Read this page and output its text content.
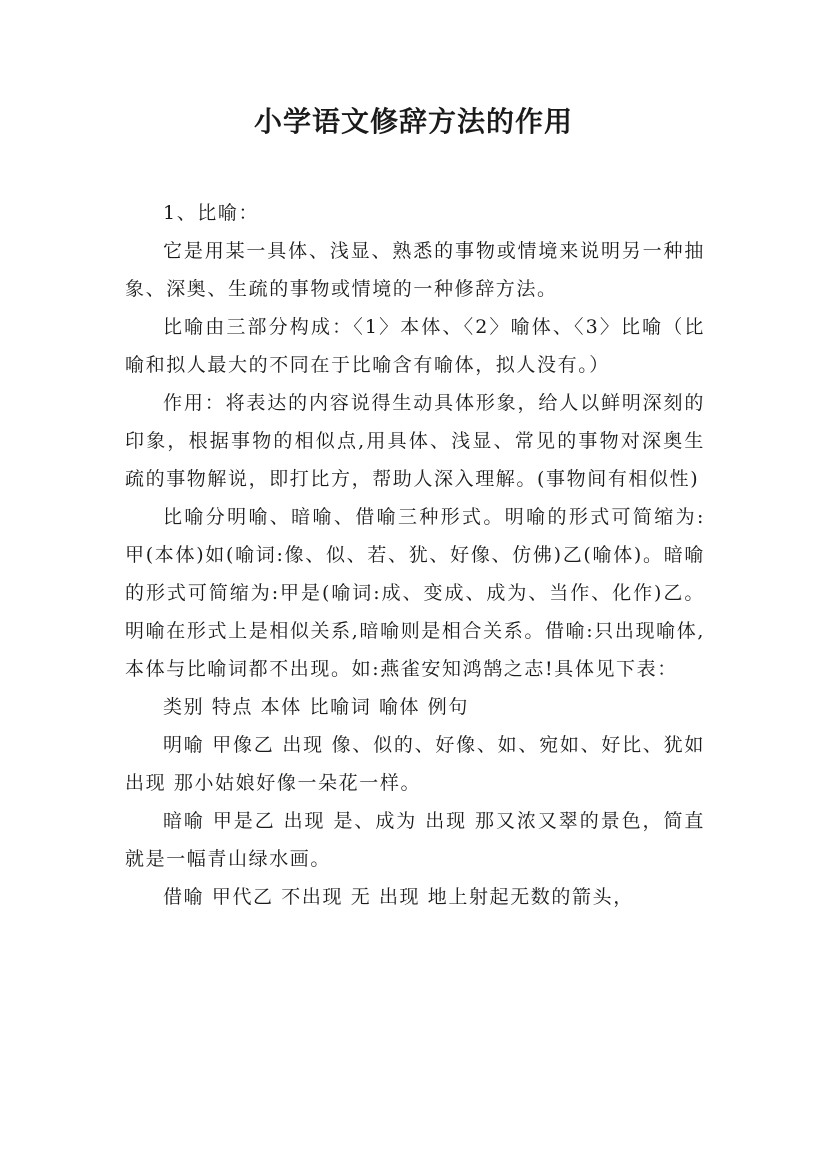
小学语文修辞方法的作用

1、比喻：

它是用某一具体、浅显、熟悉的事物或情境来说明另一种抽象、深奥、生疏的事物或情境的一种修辞方法。

比喻由三部分构成：〈1〉本体、〈2〉喻体、〈3〉比喻（比喻和拟人最大的不同在于比喻含有喻体，拟人没有。）

作用：将表达的内容说得生动具体形象，给人以鲜明深刻的印象，根据事物的相似点,用具体、浅显、常见的事物对深奥生疏的事物解说，即打比方，帮助人深入理解。(事物间有相似性)

比喻分明喻、暗喻、借喻三种形式。明喻的形式可简缩为:甲(本体)如(喻词:像、似、若、犹、好像、仿佛)乙(喻体)。暗喻的形式可简缩为:甲是(喻词:成、变成、成为、当作、化作)乙。明喻在形式上是相似关系,暗喻则是相合关系。借喻:只出现喻体,本体与比喻词都不出现。如:燕雀安知鸿鹄之志!具体见下表：

类别 特点 本体 比喻词 喻体 例句

明喻 甲像乙 出现 像、似的、好像、如、宛如、好比、犹如 出现 那小姑娘好像一朵花一样。

暗喻 甲是乙 出现 是、成为 出现 那又浓又翠的景色，简直就是一幅青山绿水画。

借喻 甲代乙 不出现 无 出现 地上射起无数的箭头，
